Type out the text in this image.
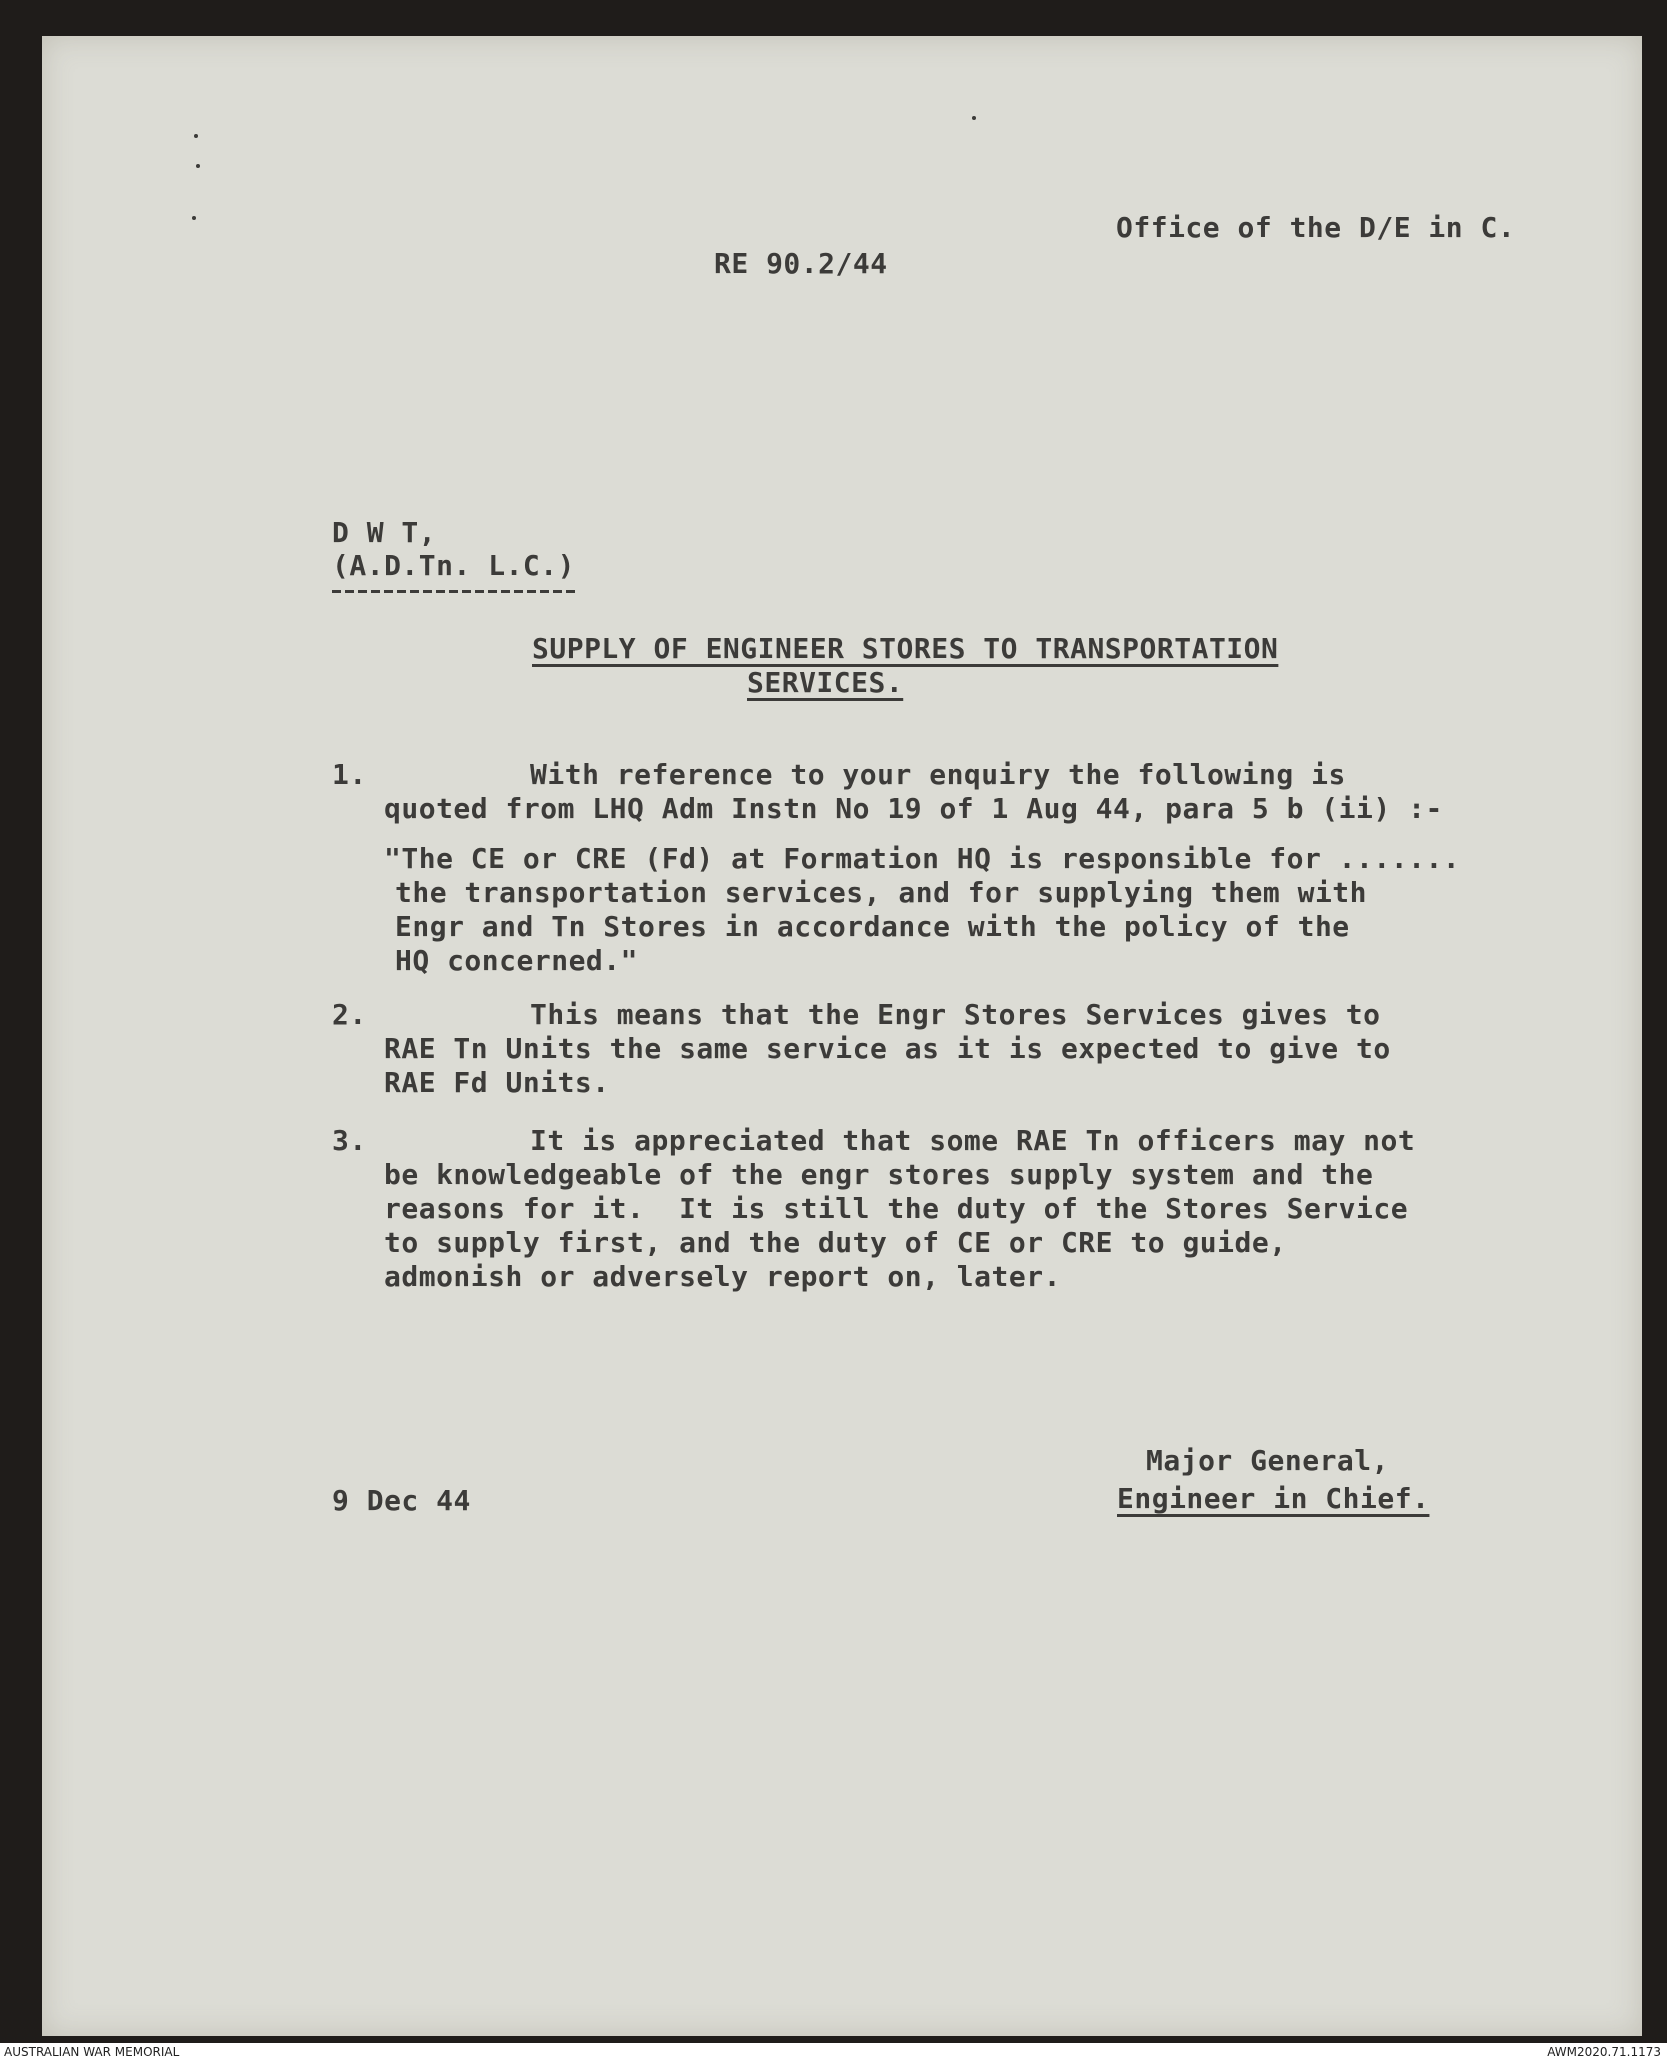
Office of the D/E in C.
RE 90.2/44
D W T,
(A.D.Tn. L.C.)
SUPPLY OF ENGINEER STORES TO TRANSPORTATION
SERVICES.
1.	With reference to your enquiry the following is
quoted from LHQ Adm Instn No 19 of 1 Aug 44, para 5 b (ii) :-
"The CE or CRE (Fd) at Formation HQ is responsible for .......
the transportation services, and for supplying them with
Engr and Tn Stores in accordance with the policy of the
HQ concerned."
2.	This means that the Engr Stores Services gives to
RAE Tn Units the same service as it is expected to give to
RAE Fd Units.
3.	It is appreciated that some RAE Tn officers may not
be knowledgeable of the engr stores supply system and the
reasons for it.  It is still the duty of the Stores Service
to supply first, and the duty of CE or CRE to guide,
admonish or adversely report on, later.
9 Dec 44
Major General,
Engineer in Chief.
AUSTRALIAN WAR MEMORIAL	AWM2020.71.1173
